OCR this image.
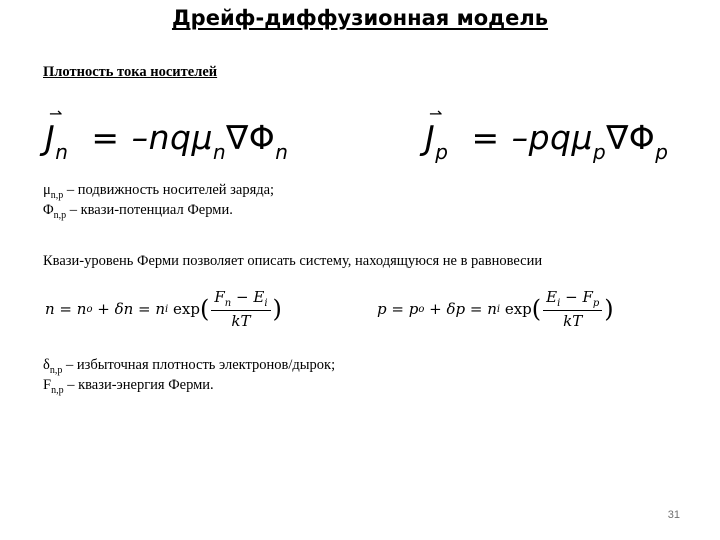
Дрейф-диффузионная модель
Плотность тока носителей
⇀
$J_n = -nq\mu_n\nabla\Phi_n$
⇀
$J_p = -pq\mu_p\nabla\Phi_p$
$\mu_{n,p}$ – подвижность носителей заряда;
$\Phi_{n,p}$ – квази-потенциал Ферми.
Квази-уровень Ферми позволяет описать систему, находящуюся не в равновесии
n = n o
+ δn = n i
exp ( $\frac{F_n - E_i}{kT}$ )	p = p o
+ δp = n i
exp ( $\frac{E_i - F_p}{kT}$ )
$\delta_{n,p}$ – избыточная плотность электронов/дырок;
$F_{n,p}$ – квази-энергия Ферми.
31
